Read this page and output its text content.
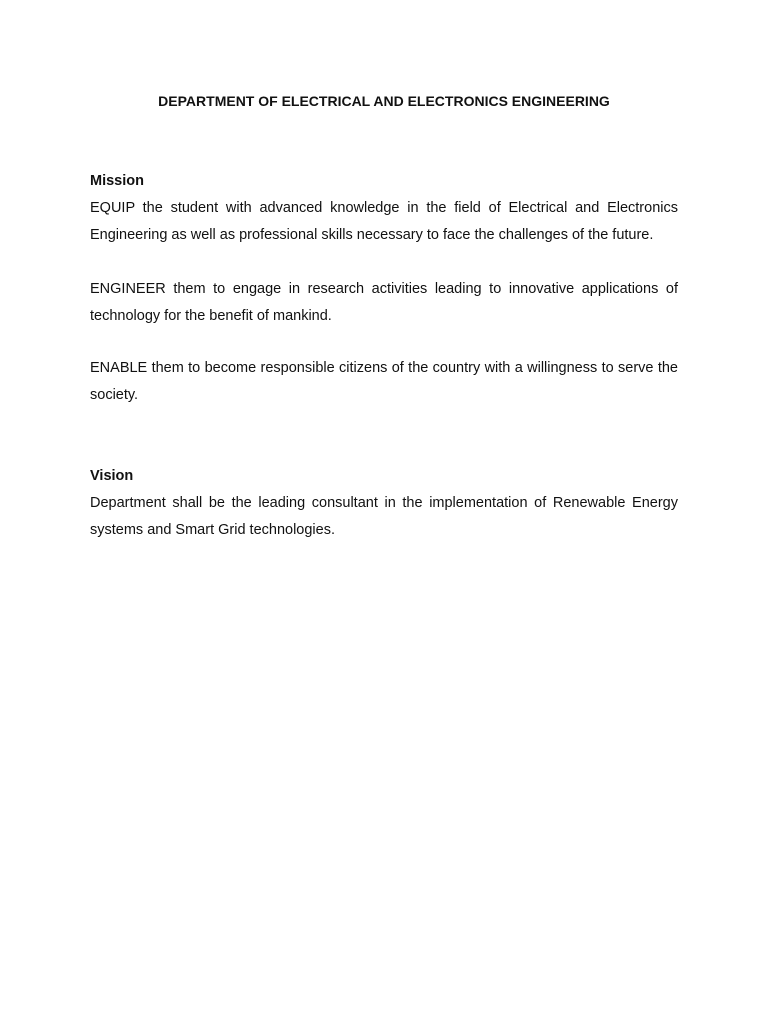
DEPARTMENT OF ELECTRICAL AND ELECTRONICS ENGINEERING
Mission

EQUIP the student with advanced knowledge in the field of Electrical and Electronics Engineering as well as professional skills necessary to face the challenges of the future.

ENGINEER them to engage in research activities leading to innovative applications of technology for the benefit of mankind.

ENABLE them to become responsible citizens of the country with a willingness to serve the society.

Vision

Department shall be the leading consultant in the implementation of Renewable Energy systems and Smart Grid technologies.
